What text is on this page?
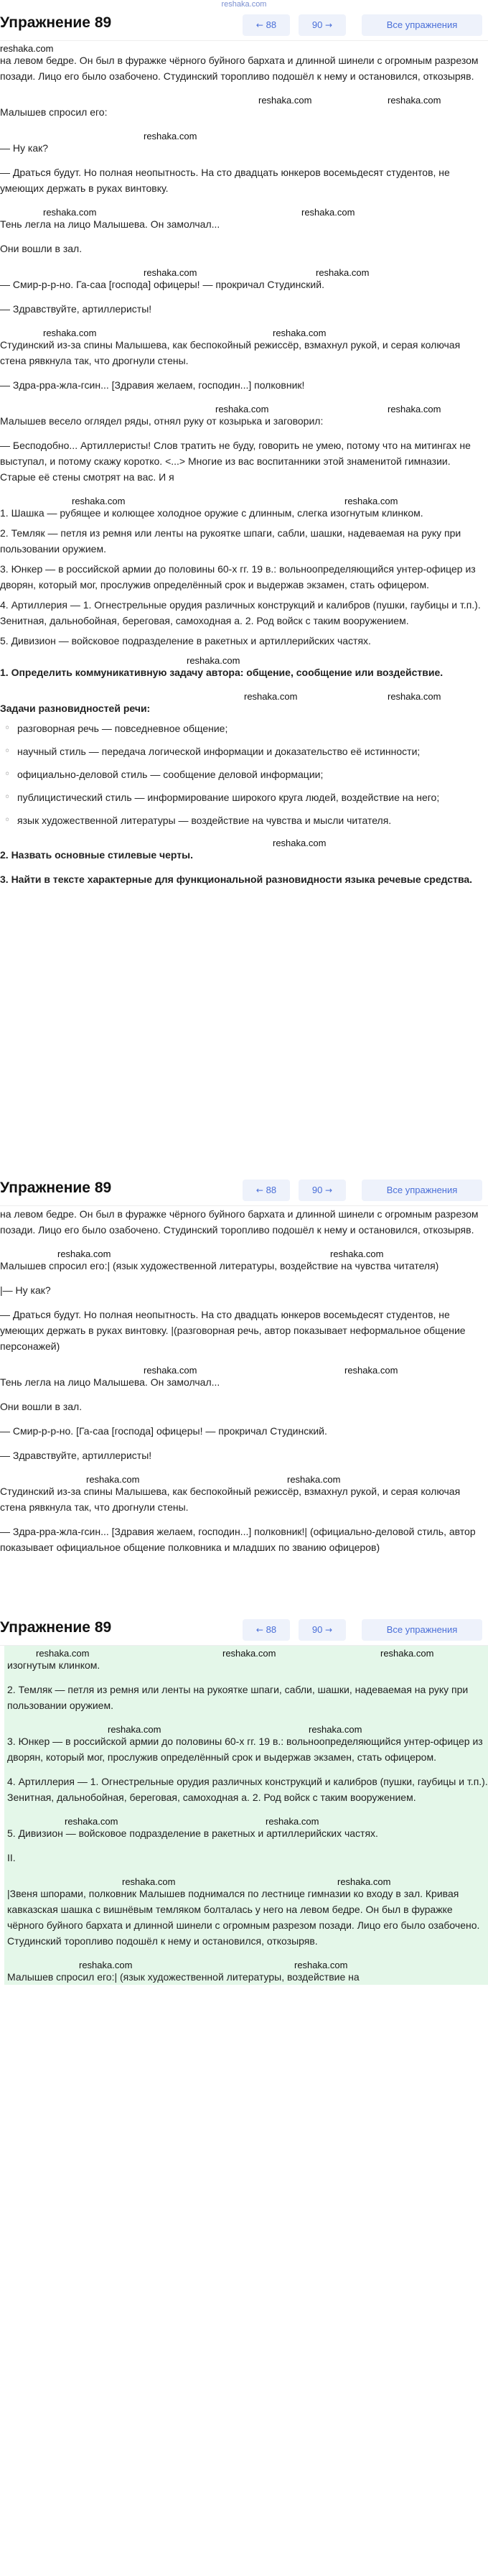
reshaka.com
Упражнение 89	← 88	90 →	Все упражнения
reshaka.com

на левом бедре. Он был в фуражке чёрного буйного бархата и длинной шинели с огромным разрезом позади. Лицо его было озабочено. Студинский торопливо подошёл к нему и остановился, откозыряв.

reshaka.com	reshaka.com

Малышев спросил его:

reshaka.com

— Ну как?

— Драться будут. Но полная неопытность. На сто двадцать юнкеров восемьдесят студентов, не умеющих держать в руках винтовку.

reshaka.com	reshaka.com

Тень легла на лицо Малышева. Он замолчал...

Они вошли в зал.

reshaka.com	reshaka.com

— Смир-р-р-но. Га-саа [господа] офицеры! — прокричал Студинский.

— Здравствуйте, артиллеристы!

reshaka.com	reshaka.com

Студинский из-за спины Малышева, как беспокойный режиссёр, взмахнул рукой, и серая колючая стена рявкнула так, что дрогнули стены.

— Здра-рра-жла-гсин... [Здравия желаем, господин...] полковник!

reshaka.com	reshaka.com

Малышев весело оглядел ряды, отнял руку от козырька и заговорил:

— Бесподобно... Артиллеристы! Слов тратить не буду, говорить не умею, потому что на митингах не выступал, и потому скажу коротко. <...> Многие из вас воспитанники этой знаменитой гимназии. Старые её стены смотрят на вас. И я

reshaka.com	reshaka.com

1. Шашка — рубящее и колющее холодное оружие с длинным, слегка изогнутым клинком.

2. Темляк — петля из ремня или ленты на рукоятке шпаги, сабли, шашки, надеваемая на руку при пользовании оружием.

3. Юнкер — в российской армии до половины 60-х гг. 19 в.: вольноопределяющийся унтер-офицер из дворян, который мог, прослужив определённый срок и выдержав экзамен, стать офицером.

4. Артиллерия — 1. Огнестрельные орудия различных конструкций и калибров (пушки, гаубицы и т.п.). Зенитная, дальнобойная, береговая, самоходная а. 2. Род войск с таким вооружением.

5. Дивизион — войсковое подразделение в ракетных и артиллерийских частях.

reshaka.com

1. Определить коммуникативную задачу автора: общение, сообщение или воздействие.

reshaka.com	reshaka.com

Задачи разновидностей речи:

◦ разговорная речь — повседневное общение;
◦ научный стиль — передача логической информации и доказательство её истинности;
◦ официально-деловой стиль — сообщение деловой информации;
◦ публицистический стиль — информирование широкого круга людей, воздействие на него;
◦ язык художественной литературы — воздействие на чувства и мысли читателя.
reshaka.com

2. Назвать основные стилевые черты.

3. Найти в тексте характерные для функциональной разновидности языка речевые средства.

Упражнение 89	← 88	90 →	Все упражнения

на левом бедре. Он был в фуражке чёрного буйного бархата и длинной шинели с огромным разрезом позади. Лицо его было озабочено. Студинский торопливо подошёл к нему и остановился, откозыряв.

reshaka.com	reshaka.com

Малышев спросил его:| (язык художественной литературы, воздействие на чувства читателя)

|— Ну как?

— Драться будут. Но полная неопытность. На сто двадцать юнкеров восемьдесят студентов, не умеющих держать в руках винтовку. |(разговорная речь, автор показывает неформальное общение персонажей)

reshaka.com	reshaka.com

Тень легла на лицо Малышева. Он замолчал...

Они вошли в зал.

— Смир-р-р-но. [Га-саа [господа] офицеры! — прокричал Студинский.

— Здравствуйте, артиллеристы!

reshaka.com	reshaka.com

Студинский из-за спины Малышева, как беспокойный режиссёр, взмахнул рукой, и серая колючая стена рявкнула так, что дрогнули стены.

— Здра-рра-жла-гсин... [Здравия желаем, господин...] полковник!| (официально-деловой стиль, автор показывает официальное общение полковника и младших по званию офицеров)

Упражнение 89	← 88	90 →	Все упражнения
reshaka.com	reshaka.com	reshaka.com

изогнутым клинком.

2. Темляк — петля из ремня или ленты на рукоятке шпаги, сабли, шашки, надеваемая на руку при пользовании оружием.

reshaka.com	reshaka.com

3. Юнкер — в российской армии до половины 60-х гг. 19 в.: вольноопределяющийся унтер-офицер из дворян, который мог, прослужив определённый срок и выдержав экзамен, стать офицером.

4. Артиллерия — 1. Огнестрельные орудия различных конструкций и калибров (пушки, гаубицы и т.п.). Зенитная, дальнобойная, береговая, самоходная а. 2. Род войск с таким вооружением.

reshaka.com	reshaka.com

5. Дивизион — войсковое подразделение в ракетных и артиллерийских частях.

II.

reshaka.com	reshaka.com

|Звеня шпорами, полковник Малышев поднимался по лестнице гимназии ко входу в зал. Кривая кавказская шашка с вишнёвым темляком болталась у него на левом бедре. Он был в фуражке чёрного буйного бархата и длинной шинели с огромным разрезом позади. Лицо его было озабочено. Студинский торопливо подошёл к нему и остановился, откозыряв.

reshaka.com	reshaka.com

Малышев спросил его:| (язык художественной литературы, воздействие на
